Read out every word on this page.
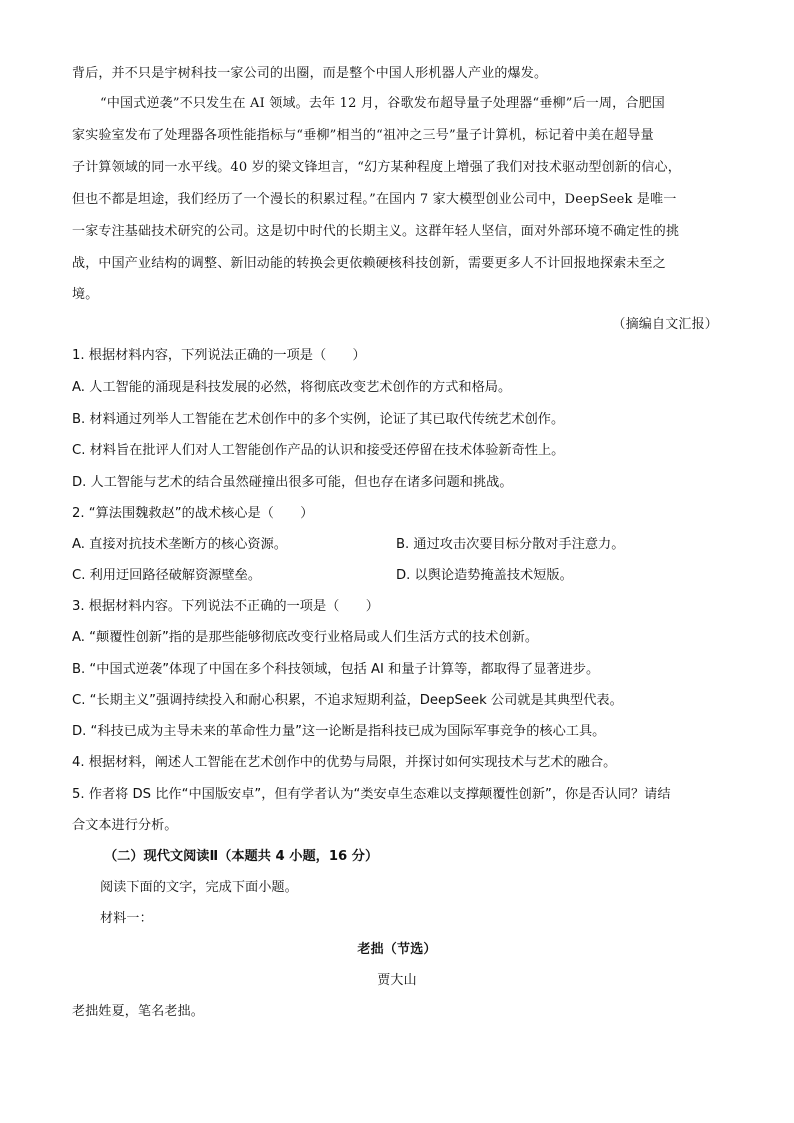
背后，并不只是宇树科技一家公司的出圈，而是整个中国人形机器人产业的爆发。
“中国式逆袭”不只发生在 AI 领域。去年 12 月，谷歌发布超导量子处理器“垂柳”后一周，合肥国
家实验室发布了处理器各项性能指标与“垂柳”相当的“祖冲之三号”量子计算机，标记着中美在超导量
子计算领域的同一水平线。40 岁的梁文锋坦言，“幻方某种程度上增强了我们对技术驱动型创新的信心，
但也不都是坦途，我们经历了一个漫长的积累过程。”在国内 7 家大模型创业公司中，DeepSeek 是唯一
一家专注基础技术研究的公司。这是切中时代的长期主义。这群年轻人坚信，面对外部环境不确定性的挑
战，中国产业结构的调整、新旧动能的转换会更依赖硬核科技创新，需要更多人不计回报地探索未至之
境。
（摘编自文汇报）
1. 根据材料内容，下列说法正确的一项是（　　）
A. 人工智能的涌现是科技发展的必然，将彻底改变艺术创作的方式和格局。
B. 材料通过列举人工智能在艺术创作中的多个实例，论证了其已取代传统艺术创作。
C. 材料旨在批评人们对人工智能创作产品的认识和接受还停留在技术体验新奇性上。
D. 人工智能与艺术的结合虽然碰撞出很多可能，但也存在诸多问题和挑战。
2. “算法围魏救赵”的战术核心是（　　）
A. 直接对抗技术垄断方的核心资源。	B. 通过攻击次要目标分散对手注意力。
C. 利用迂回路径破解资源壁垒。	D. 以舆论造势掩盖技术短版。
3. 根据材料内容。下列说法不正确的一项是（　　）
A. “颠覆性创新”指的是那些能够彻底改变行业格局或人们生活方式的技术创新。
B. “中国式逆袭”体现了中国在多个科技领域，包括 AI 和量子计算等，都取得了显著进步。
C. “长期主义”强调持续投入和耐心积累，不追求短期利益，DeepSeek 公司就是其典型代表。
D. “科技已成为主导未来的革命性力量”这一论断是指科技已成为国际军事竞争的核心工具。
4. 根据材料，阐述人工智能在艺术创作中的优势与局限，并探讨如何实现技术与艺术的融合。
5. 作者将 DS 比作“中国版安卓”，但有学者认为“类安卓生态难以支撑颠覆性创新”，你是否认同？请结
合文本进行分析。
（二）现代文阅读Ⅱ（本题共 4 小题，16 分）
阅读下面的文字，完成下面小题。
材料一：
老拙（节选）
贾大山
老拙姓夏，笔名老拙。
